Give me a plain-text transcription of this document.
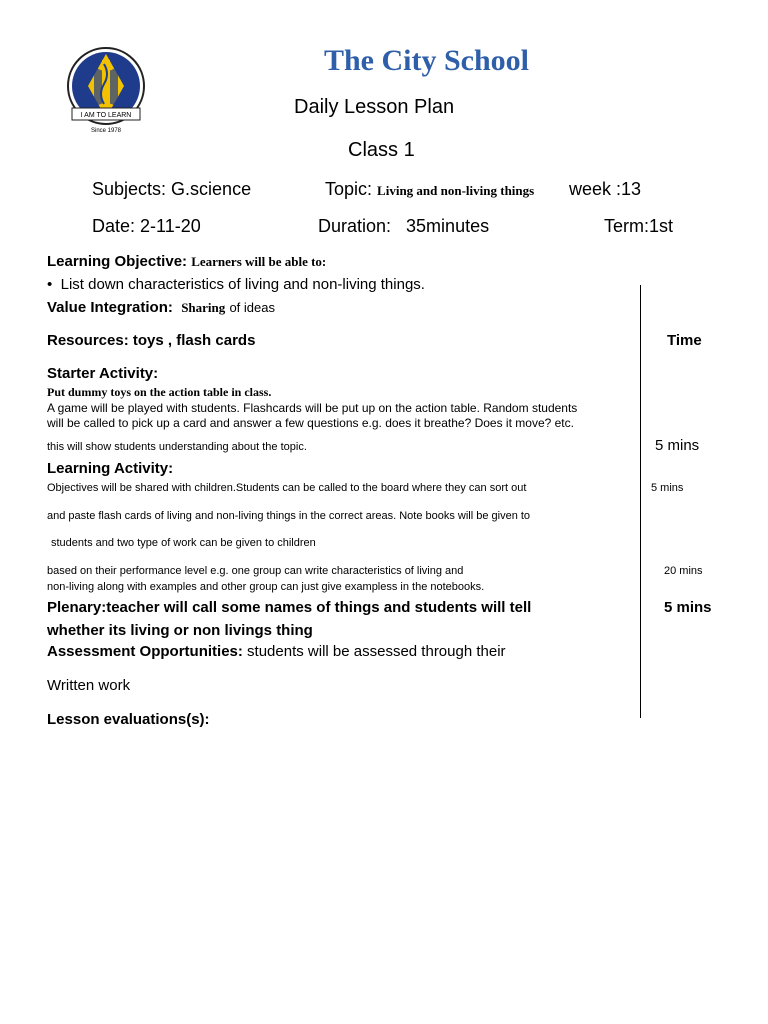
I AM TO LEARN
Since 1978
The City School
Daily Lesson Plan
Class 1
Subjects: G.science	Topic: Living and non-living things week :13
Date: 2-11-20	Duration:   35minutes	Term:1st
Learning Objective: Learners will be able to:
• List down characteristics of living and non-living things.
Value Integration: Sharing of ideas
Resources: toys , flash cards	Time
Starter Activity:
Put dummy toys on the action table in class.
A game will be played with students. Flashcards will be put up on the action table. Random students
will be called to pick up a card and answer a few questions e.g. does it breathe? Does it move? etc.
this will show students understanding about the topic.	5 mins
Learning Activity:
Objectives will be shared with children.Students can be called to the board where they can sort out	5 mins
and paste flash cards of living and non-living things in the correct areas. Note books will be given to
students and two type of work can be given to children
based on their performance level e.g. one group can write characteristics of living and	20 mins
non-living along with examples and other group can just give exampless in the notebooks.
Plenary:teacher will call some names of things and students will tell	5 mins
whether its living or non livings thing
Assessment Opportunities: students will be assessed through their
Written work
Lesson evaluations(s):
